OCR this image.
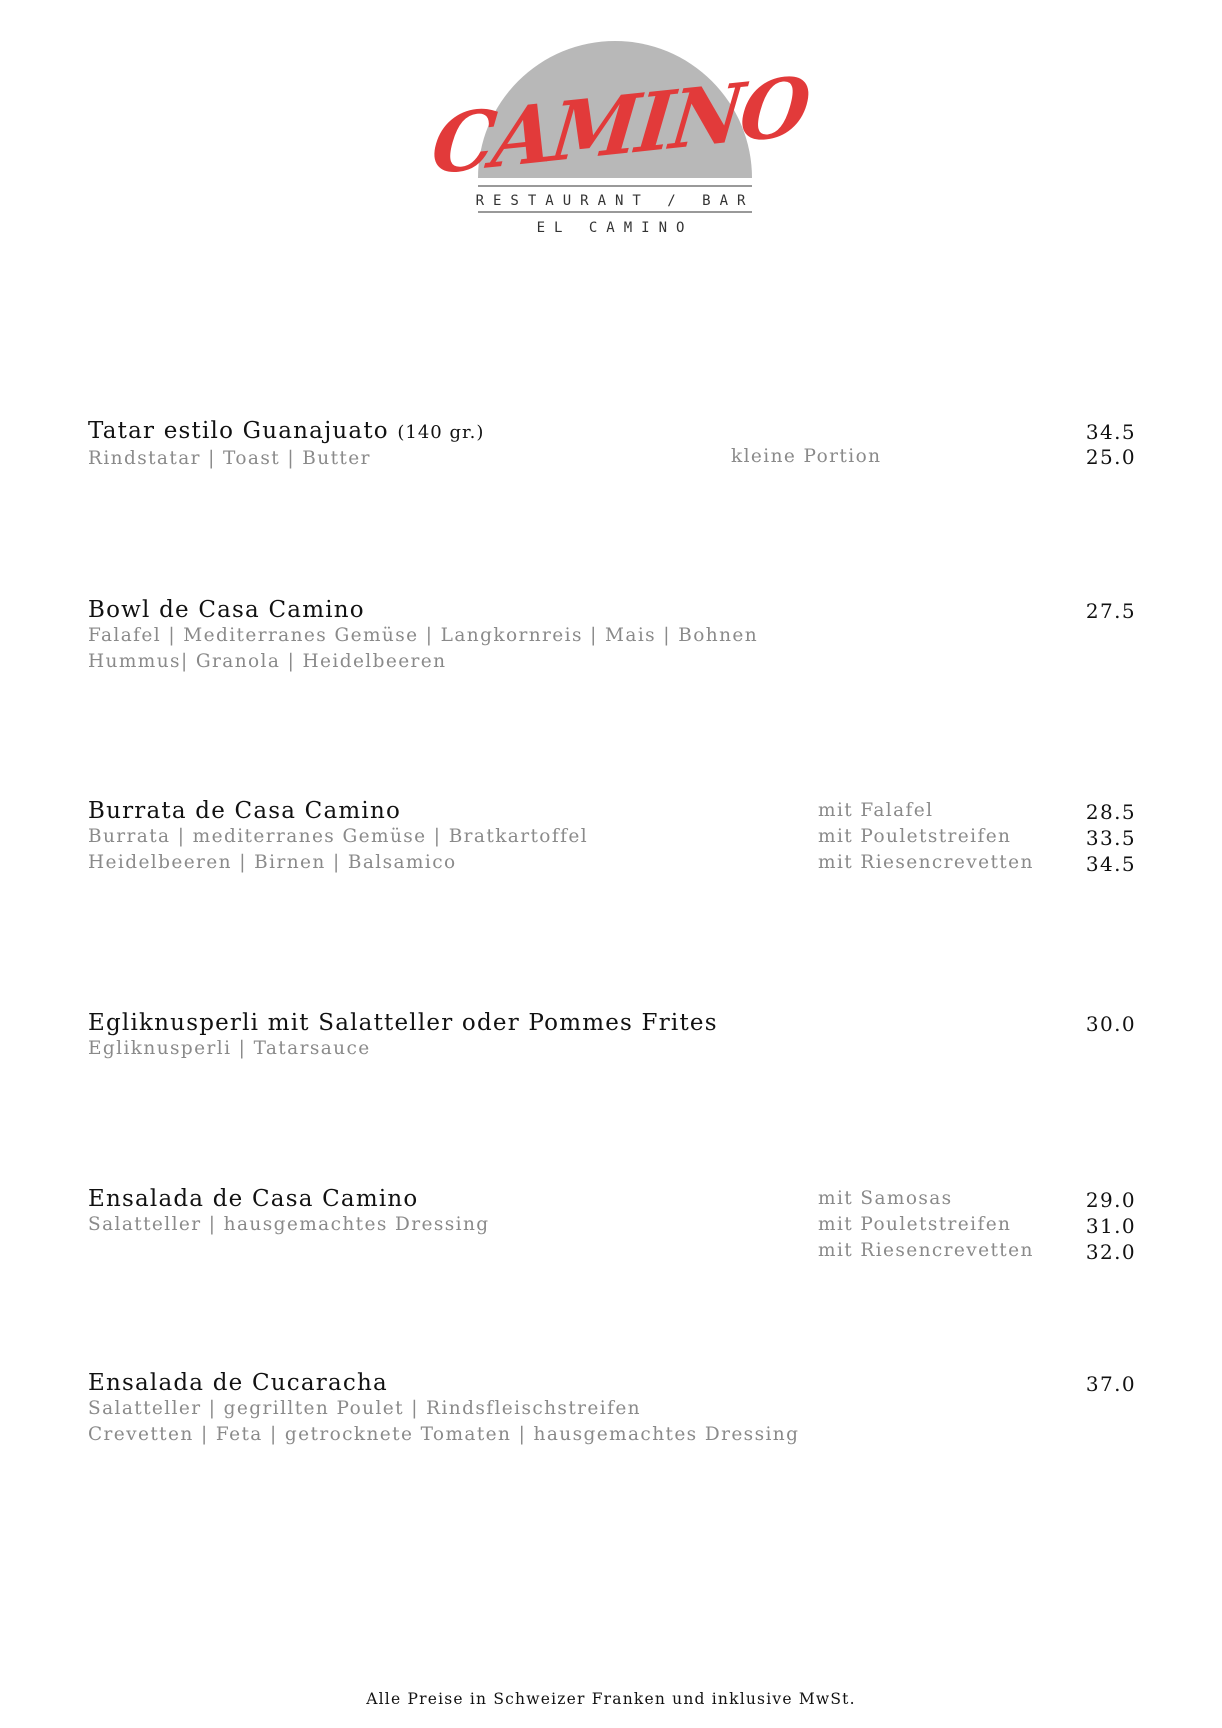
CAMINO
RESTAURANT / BAR
EL CAMINO
Tatar estilo Guanajuato (140 gr.)
Rindstatar | Toast | Butter	kleine Portion
34.5
25.0
Bowl de Casa Camino
Falafel | Mediterranes Gemüse | Langkornreis | Mais | Bohnen
Hummus| Granola | Heidelbeeren
27.5
Burrata de Casa Camino
Burrata | mediterranes Gemüse | Bratkartoffel
Heidelbeeren | Birnen | Balsamico
mit Falafel
mit Pouletstreifen
mit Riesencrevetten
28.5
33.5
34.5
Egliknusperli mit Salatteller oder Pommes Frites
Egliknusperli | Tatarsauce
30.0
Ensalada de Casa Camino
Salatteller | hausgemachtes Dressing
mit Samosas
mit Pouletstreifen
mit Riesencrevetten
29.0
31.0
32.0
Ensalada de Cucaracha
Salatteller | gegrillten Poulet | Rindsfleischstreifen
Crevetten | Feta | getrocknete Tomaten | hausgemachtes Dressing
37.0
Alle Preise in Schweizer Franken und inklusive MwSt.
